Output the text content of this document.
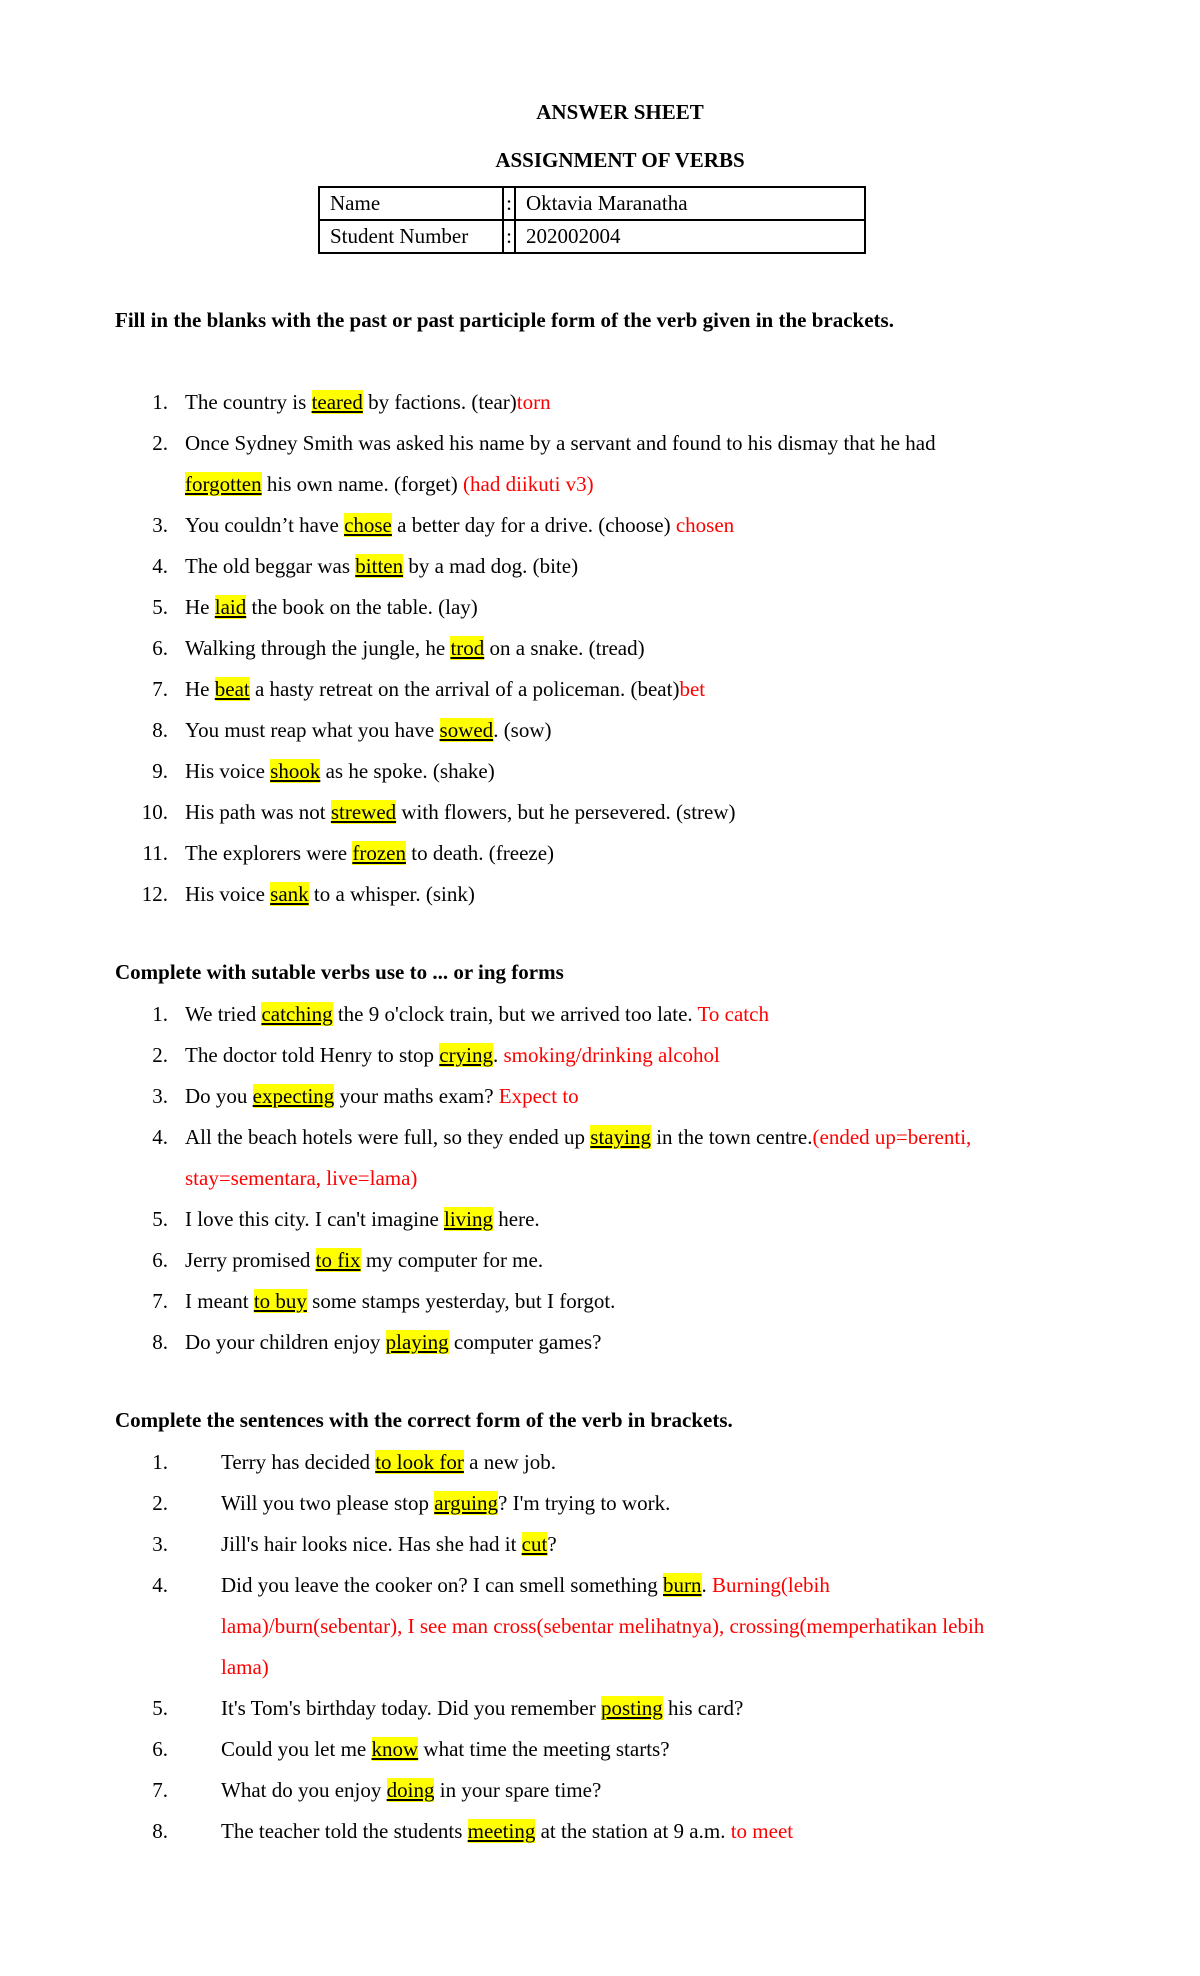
ANSWER SHEET
ASSIGNMENT OF VERBS
Name	:	Oktavia Maranatha
Student Number	:	202002004
Fill in the blanks with the past or past participle form of the verb given in the brackets.
1. The country is teared by factions. (tear)torn
2. Once Sydney Smith was asked his name by a servant and found to his dismay that he had
forgotten his own name. (forget) (had diikuti v3)
3. You couldn’t have chose a better day for a drive. (choose) chosen
4. The old beggar was bitten by a mad dog. (bite)
5. He laid the book on the table. (lay)
6. Walking through the jungle, he trod on a snake. (tread)
7. He beat a hasty retreat on the arrival of a policeman. (beat)bet
8. You must reap what you have sowed. (sow)
9. His voice shook as he spoke. (shake)
10. His path was not strewed with flowers, but he persevered. (strew)
11. The explorers were frozen to death. (freeze)
12. His voice sank to a whisper. (sink)
Complete with sutable verbs use to ... or ing forms
1. We tried catching the 9 o'clock train, but we arrived too late. To catch
2. The doctor told Henry to stop crying. smoking/drinking alcohol
3. Do you expecting your maths exam? Expect to
4. All the beach hotels were full, so they ended up staying in the town centre.(ended up=berenti,
stay=sementara, live=lama)
5. I love this city. I can't imagine living here.
6. Jerry promised to fix my computer for me.
7. I meant to buy some stamps yesterday, but I forgot.
8. Do your children enjoy playing computer games?
Complete the sentences with the correct form of the verb in brackets.
1.	Terry has decided to look for a new job.
2.	Will you two please stop arguing? I'm trying to work.
3.	Jill's hair looks nice. Has she had it cut?
4.	Did you leave the cooker on? I can smell something burn. Burning(lebih
lama)/burn(sebentar), I see man cross(sebentar melihatnya), crossing(memperhatikan lebih
lama)
5.	It's Tom's birthday today. Did you remember posting his card?
6.	Could you let me know what time the meeting starts?
7.	What do you enjoy doing in your spare time?
8.	The teacher told the students meeting at the station at 9 a.m. to meet
